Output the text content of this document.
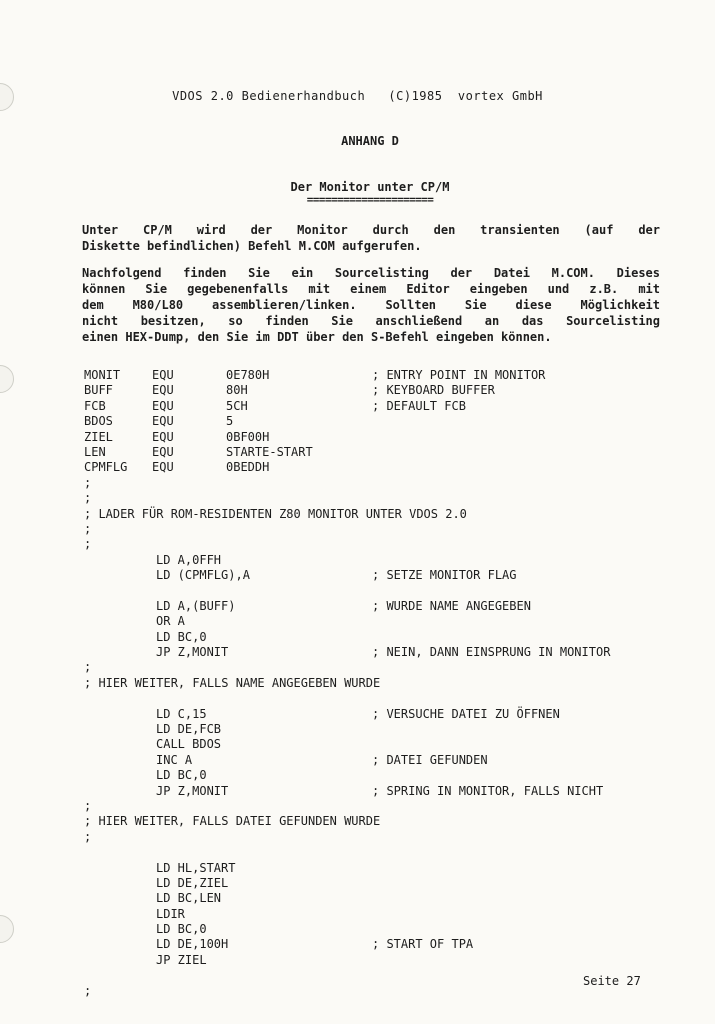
VDOS 2.0 Bedienerhandbuch   (C)1985  vortex GmbH
ANHANG D
Der Monitor unter CP/M
=====================
Unter CP/M wird der Monitor durch den transienten (auf der
Diskette befindlichen) Befehl M.COM aufgerufen.
Nachfolgend finden Sie ein Sourcelisting der Datei M.COM. Dieses
können Sie gegebenenfalls mit einem Editor eingeben und z.B. mit
dem M80/L80 assemblieren/linken. Sollten Sie diese Möglichkeit
nicht besitzen, so finden Sie anschließend an das Sourcelisting
einen HEX-Dump, den Sie im DDT über den S-Befehl eingeben können.
MONIT	EQU	0E780H	; ENTRY POINT IN MONITOR
BUFF	EQU	80H	; KEYBOARD BUFFER
FCB	EQU	5CH	; DEFAULT FCB
BDOS	EQU	5
ZIEL	EQU	0BF00H
LEN	EQU	STARTE-START
CPMFLG EQU	0BEDDH
;
;
; LADER FÜR ROM-RESIDENTEN Z80 MONITOR UNTER VDOS 2.0
;
;
LD A,0FFH
LD (CPMFLG),A	; SETZE MONITOR FLAG
LD A,(BUFF)	; WURDE NAME ANGEGEBEN
OR A
LD BC,0
JP Z,MONIT	; NEIN, DANN EINSPRUNG IN MONITOR
;
; HIER WEITER, FALLS NAME ANGEGEBEN WURDE
LD C,15	; VERSUCHE DATEI ZU ÖFFNEN
LD DE,FCB
CALL BDOS
INC A	; DATEI GEFUNDEN
LD BC,0
JP Z,MONIT	; SPRING IN MONITOR, FALLS NICHT
;
; HIER WEITER, FALLS DATEI GEFUNDEN WURDE
;
LD HL,START
LD DE,ZIEL
LD BC,LEN
LDIR
LD BC,0
LD DE,100H	; START OF TPA
JP ZIEL
;
Seite 27
